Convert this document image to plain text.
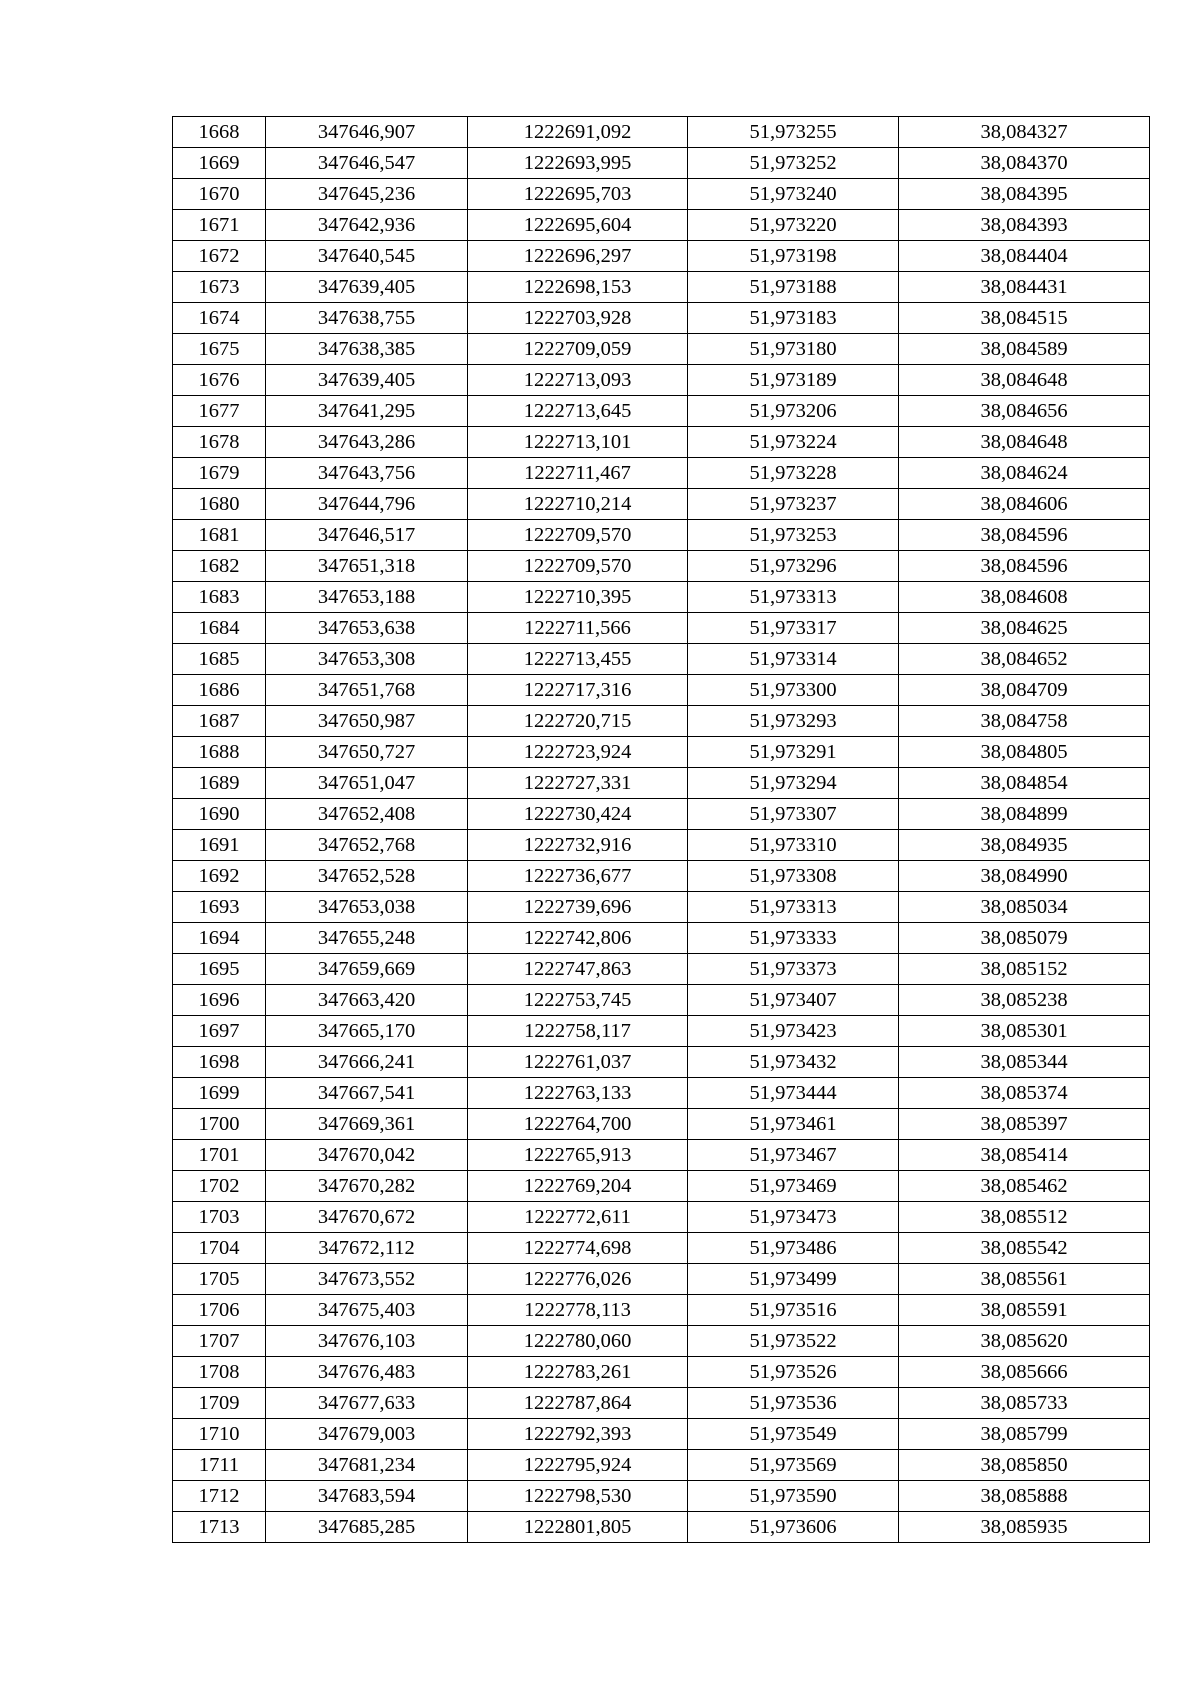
1668	347646,907	1222691,092	51,973255	38,084327
1669	347646,547	1222693,995	51,973252	38,084370
1670	347645,236	1222695,703	51,973240	38,084395
1671	347642,936	1222695,604	51,973220	38,084393
1672	347640,545	1222696,297	51,973198	38,084404
1673	347639,405	1222698,153	51,973188	38,084431
1674	347638,755	1222703,928	51,973183	38,084515
1675	347638,385	1222709,059	51,973180	38,084589
1676	347639,405	1222713,093	51,973189	38,084648
1677	347641,295	1222713,645	51,973206	38,084656
1678	347643,286	1222713,101	51,973224	38,084648
1679	347643,756	1222711,467	51,973228	38,084624
1680	347644,796	1222710,214	51,973237	38,084606
1681	347646,517	1222709,570	51,973253	38,084596
1682	347651,318	1222709,570	51,973296	38,084596
1683	347653,188	1222710,395	51,973313	38,084608
1684	347653,638	1222711,566	51,973317	38,084625
1685	347653,308	1222713,455	51,973314	38,084652
1686	347651,768	1222717,316	51,973300	38,084709
1687	347650,987	1222720,715	51,973293	38,084758
1688	347650,727	1222723,924	51,973291	38,084805
1689	347651,047	1222727,331	51,973294	38,084854
1690	347652,408	1222730,424	51,973307	38,084899
1691	347652,768	1222732,916	51,973310	38,084935
1692	347652,528	1222736,677	51,973308	38,084990
1693	347653,038	1222739,696	51,973313	38,085034
1694	347655,248	1222742,806	51,973333	38,085079
1695	347659,669	1222747,863	51,973373	38,085152
1696	347663,420	1222753,745	51,973407	38,085238
1697	347665,170	1222758,117	51,973423	38,085301
1698	347666,241	1222761,037	51,973432	38,085344
1699	347667,541	1222763,133	51,973444	38,085374
1700	347669,361	1222764,700	51,973461	38,085397
1701	347670,042	1222765,913	51,973467	38,085414
1702	347670,282	1222769,204	51,973469	38,085462
1703	347670,672	1222772,611	51,973473	38,085512
1704	347672,112	1222774,698	51,973486	38,085542
1705	347673,552	1222776,026	51,973499	38,085561
1706	347675,403	1222778,113	51,973516	38,085591
1707	347676,103	1222780,060	51,973522	38,085620
1708	347676,483	1222783,261	51,973526	38,085666
1709	347677,633	1222787,864	51,973536	38,085733
1710	347679,003	1222792,393	51,973549	38,085799
1711	347681,234	1222795,924	51,973569	38,085850
1712	347683,594	1222798,530	51,973590	38,085888
1713	347685,285	1222801,805	51,973606	38,085935
